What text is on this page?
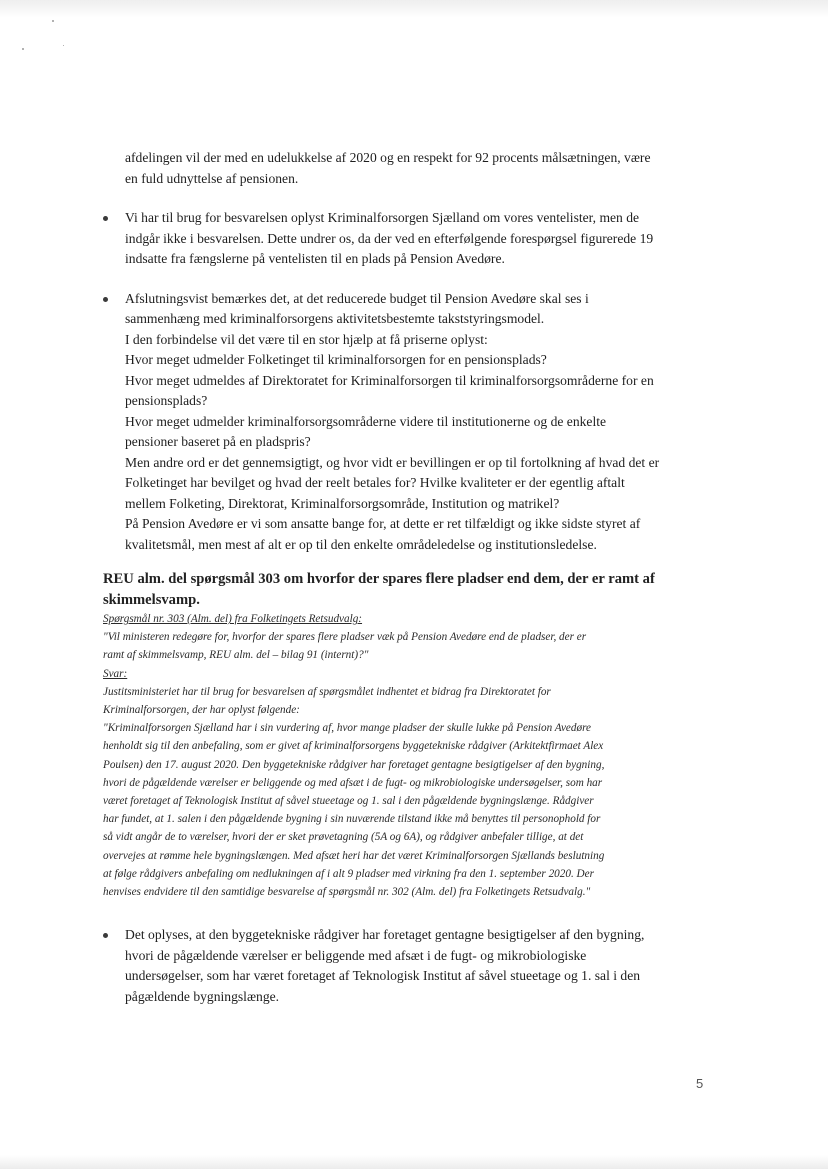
afdelingen vil der med en udelukkelse af 2020 og en respekt for 92 procents målsætningen, være
en fuld udnyttelse af pensionen.
Vi har til brug for besvarelsen oplyst Kriminalforsorgen Sjælland om vores ventelister, men de
indgår ikke i besvarelsen. Dette undrer os, da der ved en efterfølgende forespørgsel figurerede 19
indsatte fra fængslerne på ventelisten til en plads på Pension Avedøre.
Afslutningsvist bemærkes det, at det reducerede budget til Pension Avedøre skal ses i
sammenhæng med kriminalforsorgens aktivitetsbestemte takststyringsmodel.
I den forbindelse vil det være til en stor hjælp at få priserne oplyst:
Hvor meget udmelder Folketinget til kriminalforsorgen for en pensionsplads?
Hvor meget udmeldes af Direktoratet for Kriminalforsorgen til kriminalforsorgsområderne for en
pensionsplads?
Hvor meget udmelder kriminalforsorgsområderne videre til institutionerne og de enkelte
pensioner baseret på en pladspris?
Men andre ord er det gennemsigtigt, og hvor vidt er bevillingen er op til fortolkning af hvad det er
Folketinget har bevilget og hvad der reelt betales for? Hvilke kvaliteter er der egentlig aftalt
mellem Folketing, Direktorat, Kriminalforsorgsområde, Institution og matrikel?
På Pension Avedøre er vi som ansatte bange for, at dette er ret tilfældigt og ikke sidste styret af
kvalitetsmål, men mest af alt er op til den enkelte områdeledelse og institutionsledelse.
REU alm. del spørgsmål 303 om hvorfor der spares flere pladser end dem, der er ramt af
skimmelsvamp.
Spørgsmål nr. 303 (Alm. del) fra Folketingets Retsudvalg:
"Vil ministeren redegøre for, hvorfor der spares flere pladser væk på Pension Avedøre end de pladser, der er
ramt af skimmelsvamp, REU alm. del – bilag 91 (internt)?"
Svar:
Justitsministeriet har til brug for besvarelsen af spørgsmålet indhentet et bidrag fra Direktoratet for
Kriminalforsorgen, der har oplyst følgende:
"Kriminalforsorgen Sjælland har i sin vurdering af, hvor mange pladser der skulle lukke på Pension Avedøre
henholdt sig til den anbefaling, som er givet af kriminalforsorgens byggetekniske rådgiver (Arkitektfirmaet Alex
Poulsen) den 17. august 2020. Den byggetekniske rådgiver har foretaget gentagne besigtigelser af den bygning,
hvori de pågældende værelser er beliggende og med afsæt i de fugt- og mikrobiologiske undersøgelser, som har
været foretaget af Teknologisk Institut af såvel stueetage og 1. sal i den pågældende bygningslænge. Rådgiver
har fundet, at 1. salen i den pågældende bygning i sin nuværende tilstand ikke må benyttes til personophold for
så vidt angår de to værelser, hvori der er sket prøvetagning (5A og 6A), og rådgiver anbefaler tillige, at det
overvejes at rømme hele bygningslængen. Med afsæt heri har det været Kriminalforsorgen Sjællands beslutning
at følge rådgivers anbefaling om nedlukningen af i alt 9 pladser med virkning fra den 1. september 2020. Der
henvises endvidere til den samtidige besvarelse af spørgsmål nr. 302 (Alm. del) fra Folketingets Retsudvalg."
Det oplyses, at den byggetekniske rådgiver har foretaget gentagne besigtigelser af den bygning,
hvori de pågældende værelser er beliggende med afsæt i de fugt- og mikrobiologiske
undersøgelser, som har været foretaget af Teknologisk Institut af såvel stueetage og 1. sal i den
pågældende bygningslænge.
5
